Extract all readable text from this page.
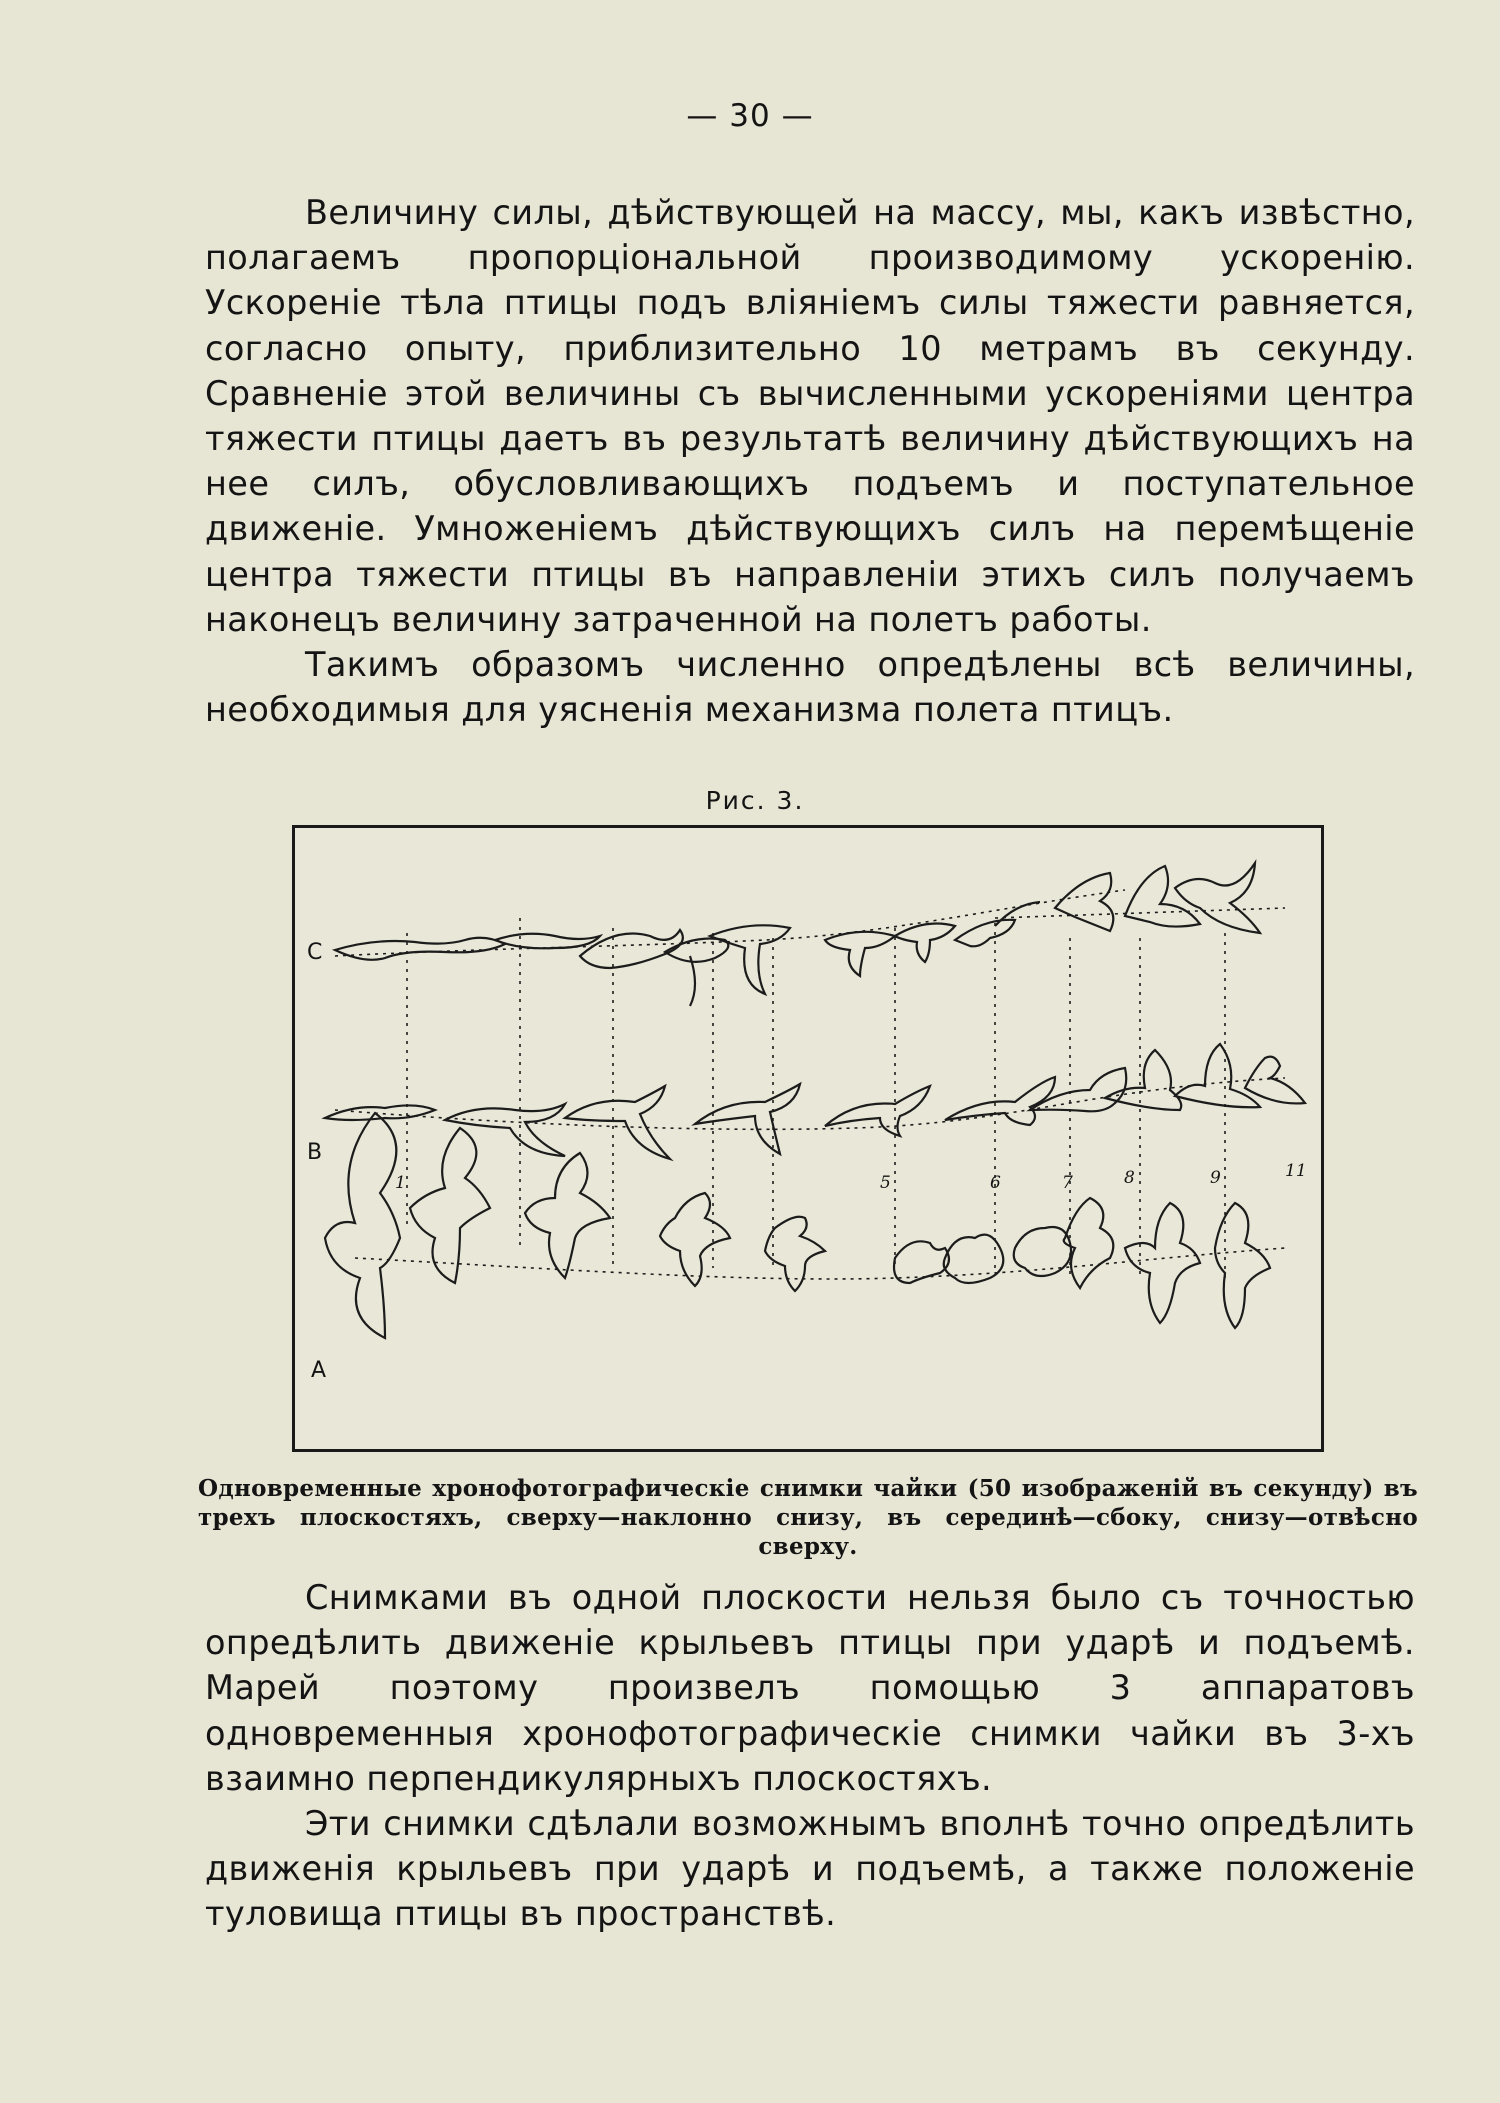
— 30 —

Величину силы, дѣйствующей на массу, мы, какъ извѣстно, полагаемъ пропорціональной производимому ускоренію. Ускореніе тѣла птицы подъ вліяніемъ силы тяжести равняется, согласно опыту, приблизительно 10 метрамъ въ секунду. Сравненіе этой величины съ вычисленными ускореніями центра тяжести птицы даетъ въ результатѣ величину дѣйствующихъ на нее силъ, обусловливающихъ подъемъ и поступательное движеніе. Умноженіемъ дѣйствующихъ силъ на перемѣщеніе центра тяжести птицы въ направленіи этихъ силъ получаемъ наконецъ величину затраченной на полетъ работы.

Такимъ образомъ численно опредѣлены всѣ величины, необходимыя для уясненія механизма полета птицъ.

Рис. 3.
C
B
A
1	5	6	7	8	9	11
Одновременные хронофотографическіе снимки чайки (50 изображеній въ секунду) въ трехъ плоскостяхъ, сверху—наклонно снизу, въ серединѣ—сбоку, снизу—отвѣсно сверху.

Снимками въ одной плоскости нельзя было съ точностью опредѣлить движеніе крыльевъ птицы при ударѣ и подъемѣ. Марей поэтому произвелъ помощью 3 аппаратовъ одновременныя хронофотографическіе снимки чайки въ 3-хъ взаимно перпендикулярныхъ плоскостяхъ.

Эти снимки сдѣлали возможнымъ вполнѣ точно опредѣлить движенія крыльевъ при ударѣ и подъемѣ, а также положеніе туловища птицы въ пространствѣ.
